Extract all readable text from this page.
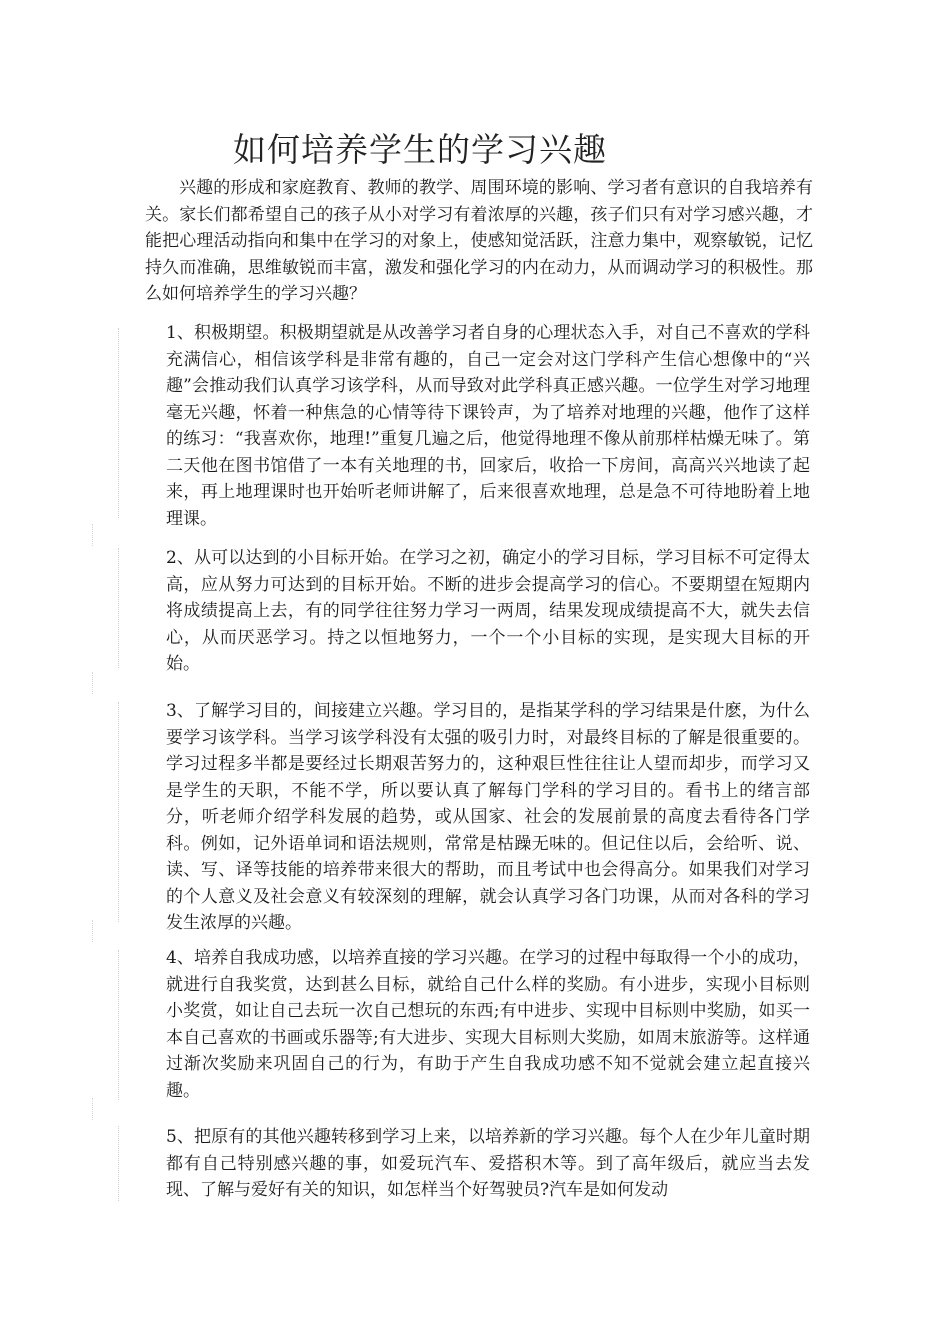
如何培养学生的学习兴趣

兴趣的形成和家庭教育、教师的教学、周围环境的影响、学习者有意识的自我培养有关。家长们都希望自己的孩子从小对学习有着浓厚的兴趣，孩子们只有对学习感兴趣，才能把心理活动指向和集中在学习的对象上，使感知觉活跃，注意力集中，观察敏锐，记忆持久而准确，思维敏锐而丰富，激发和强化学习的内在动力，从而调动学习的积极性。那么如何培养学生的学习兴趣？

1、积极期望。积极期望就是从改善学习者自身的心理状态入手，对自己不喜欢的学科充满信心，相信该学科是非常有趣的，自己一定会对这门学科产生信心想像中的“兴趣”会推动我们认真学习该学科，从而导致对此学科真正感兴趣。一位学生对学习地理毫无兴趣，怀着一种焦急的心情等待下课铃声，为了培养对地理的兴趣，他作了这样的练习：“我喜欢你，地理!”重复几遍之后，他觉得地理不像从前那样枯燥无味了。第二天他在图书馆借了一本有关地理的书，回家后，收拾一下房间，高高兴兴地读了起来，再上地理课时也开始听老师讲解了，后来很喜欢地理，总是急不可待地盼着上地理课。

2、从可以达到的小目标开始。在学习之初，确定小的学习目标，学习目标不可定得太高，应从努力可达到的目标开始。不断的进步会提高学习的信心。不要期望在短期内将成绩提高上去，有的同学往往努力学习一两周，结果发现成绩提高不大，就失去信心，从而厌恶学习。持之以恒地努力，一个一个小目标的实现，是实现大目标的开始。

3、了解学习目的，间接建立兴趣。学习目的，是指某学科的学习结果是什麽，为什么要学习该学科。当学习该学科没有太强的吸引力时，对最终目标的了解是很重要的。学习过程多半都是要经过长期艰苦努力的，这种艰巨性往往让人望而却步，而学习又是学生的天职，不能不学，所以要认真了解每门学科的学习目的。看书上的绪言部分，听老师介绍学科发展的趋势，或从国家、社会的发展前景的高度去看待各门学科。例如，记外语单词和语法规则，常常是枯躁无味的。但记住以后，会给听、说、读、写、译等技能的培养带来很大的帮助，而且考试中也会得高分。如果我们对学习的个人意义及社会意义有较深刻的理解，就会认真学习各门功课，从而对各科的学习发生浓厚的兴趣。

4、培养自我成功感，以培养直接的学习兴趣。在学习的过程中每取得一个小的成功，就进行自我奖赏，达到甚么目标，就给自己什么样的奖励。有小进步，实现小目标则小奖赏，如让自己去玩一次自己想玩的东西;有中进步、实现中目标则中奖励，如买一本自己喜欢的书画或乐器等;有大进步、实现大目标则大奖励，如周末旅游等。这样通过渐次奖励来巩固自己的行为，有助于产生自我成功感不知不觉就会建立起直接兴趣。

5、把原有的其他兴趣转移到学习上来，以培养新的学习兴趣。每个人在少年儿童时期都有自己特别感兴趣的事，如爱玩汽车、爱搭积木等。到了高年级后，就应当去发现、了解与爱好有关的知识，如怎样当个好驾驶员?汽车是如何发动
